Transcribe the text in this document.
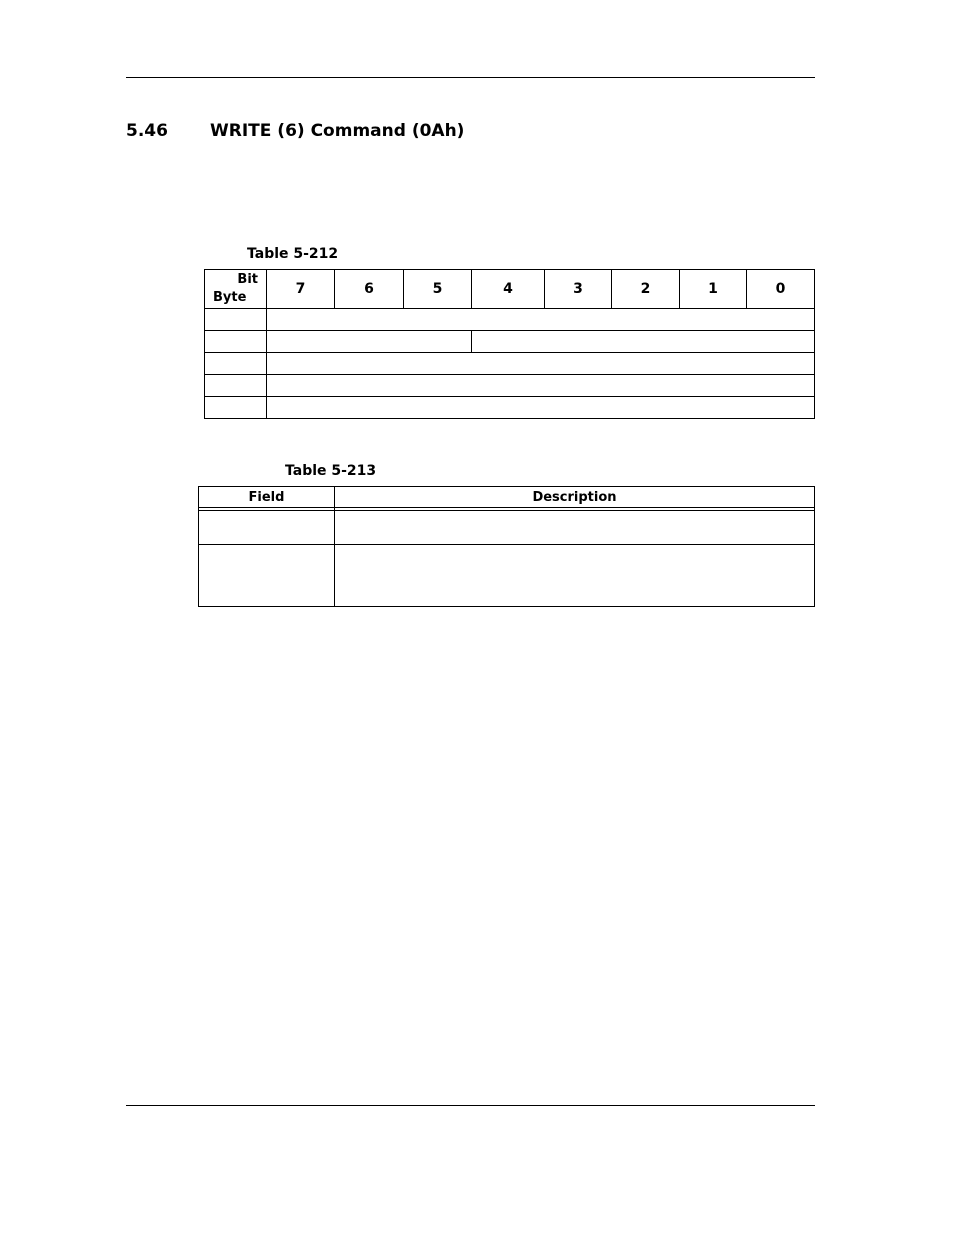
5.46 WRITE (6) Command (0Ah)
Table 5-212
Bit
Byte	7	6	5	4	3	2	1	0

Table 5-213
Field	Description
